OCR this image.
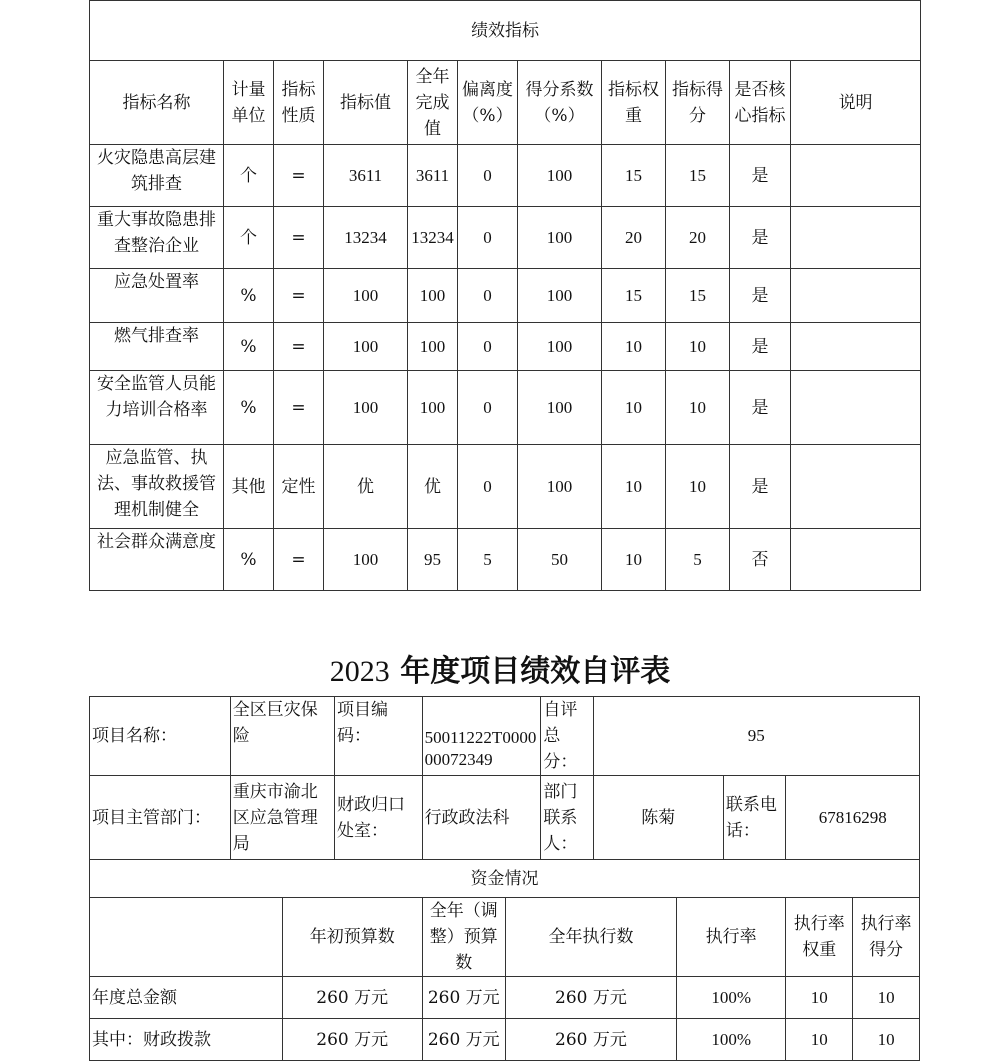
绩效指标										
指标名称	计量单位	指标性质	指标值	全年完成值	偏离度（%）	得分系数（%）	指标权重	指标得分	是否核心指标	说明
火灾隐患高层建筑排查	个	=	3611	3611	0	100	15	15	是	
重大事故隐患排查整治企业	个	=	13234	13234	0	100	20	20	是	
应急处置率	%	=	100	100	0	100	15	15	是	
燃气排查率	%	=	100	100	0	100	10	10	是	
安全监管人员能力培训合格率	%	=	100	100	0	100	10	10	是	
应急监管、执法、事故救援管理机制健全	其他	定性	优	优	0	100	10	10	是	
社会群众满意度	%	=	100	95	5	50	10	5	否	
2023 年度项目绩效自评表
项目名称：	全区巨灾保险		项目编码：	50011222T000000072349		自评总分：	95				
项目主管部门：	重庆市渝北区应急管理局		财政归口处室：	行政政法科		部门联系人：	陈菊		联系电话：	67816298	
资金情况											
		年初预算数		全年（调整）预算数	全年执行数			执行率		执行率权重	执行率得分
年度总金额		260 万元		260 万元	260 万元			100%		10	10
其中：财政拨款		260 万元		260 万元	260 万元			100%		10	10
